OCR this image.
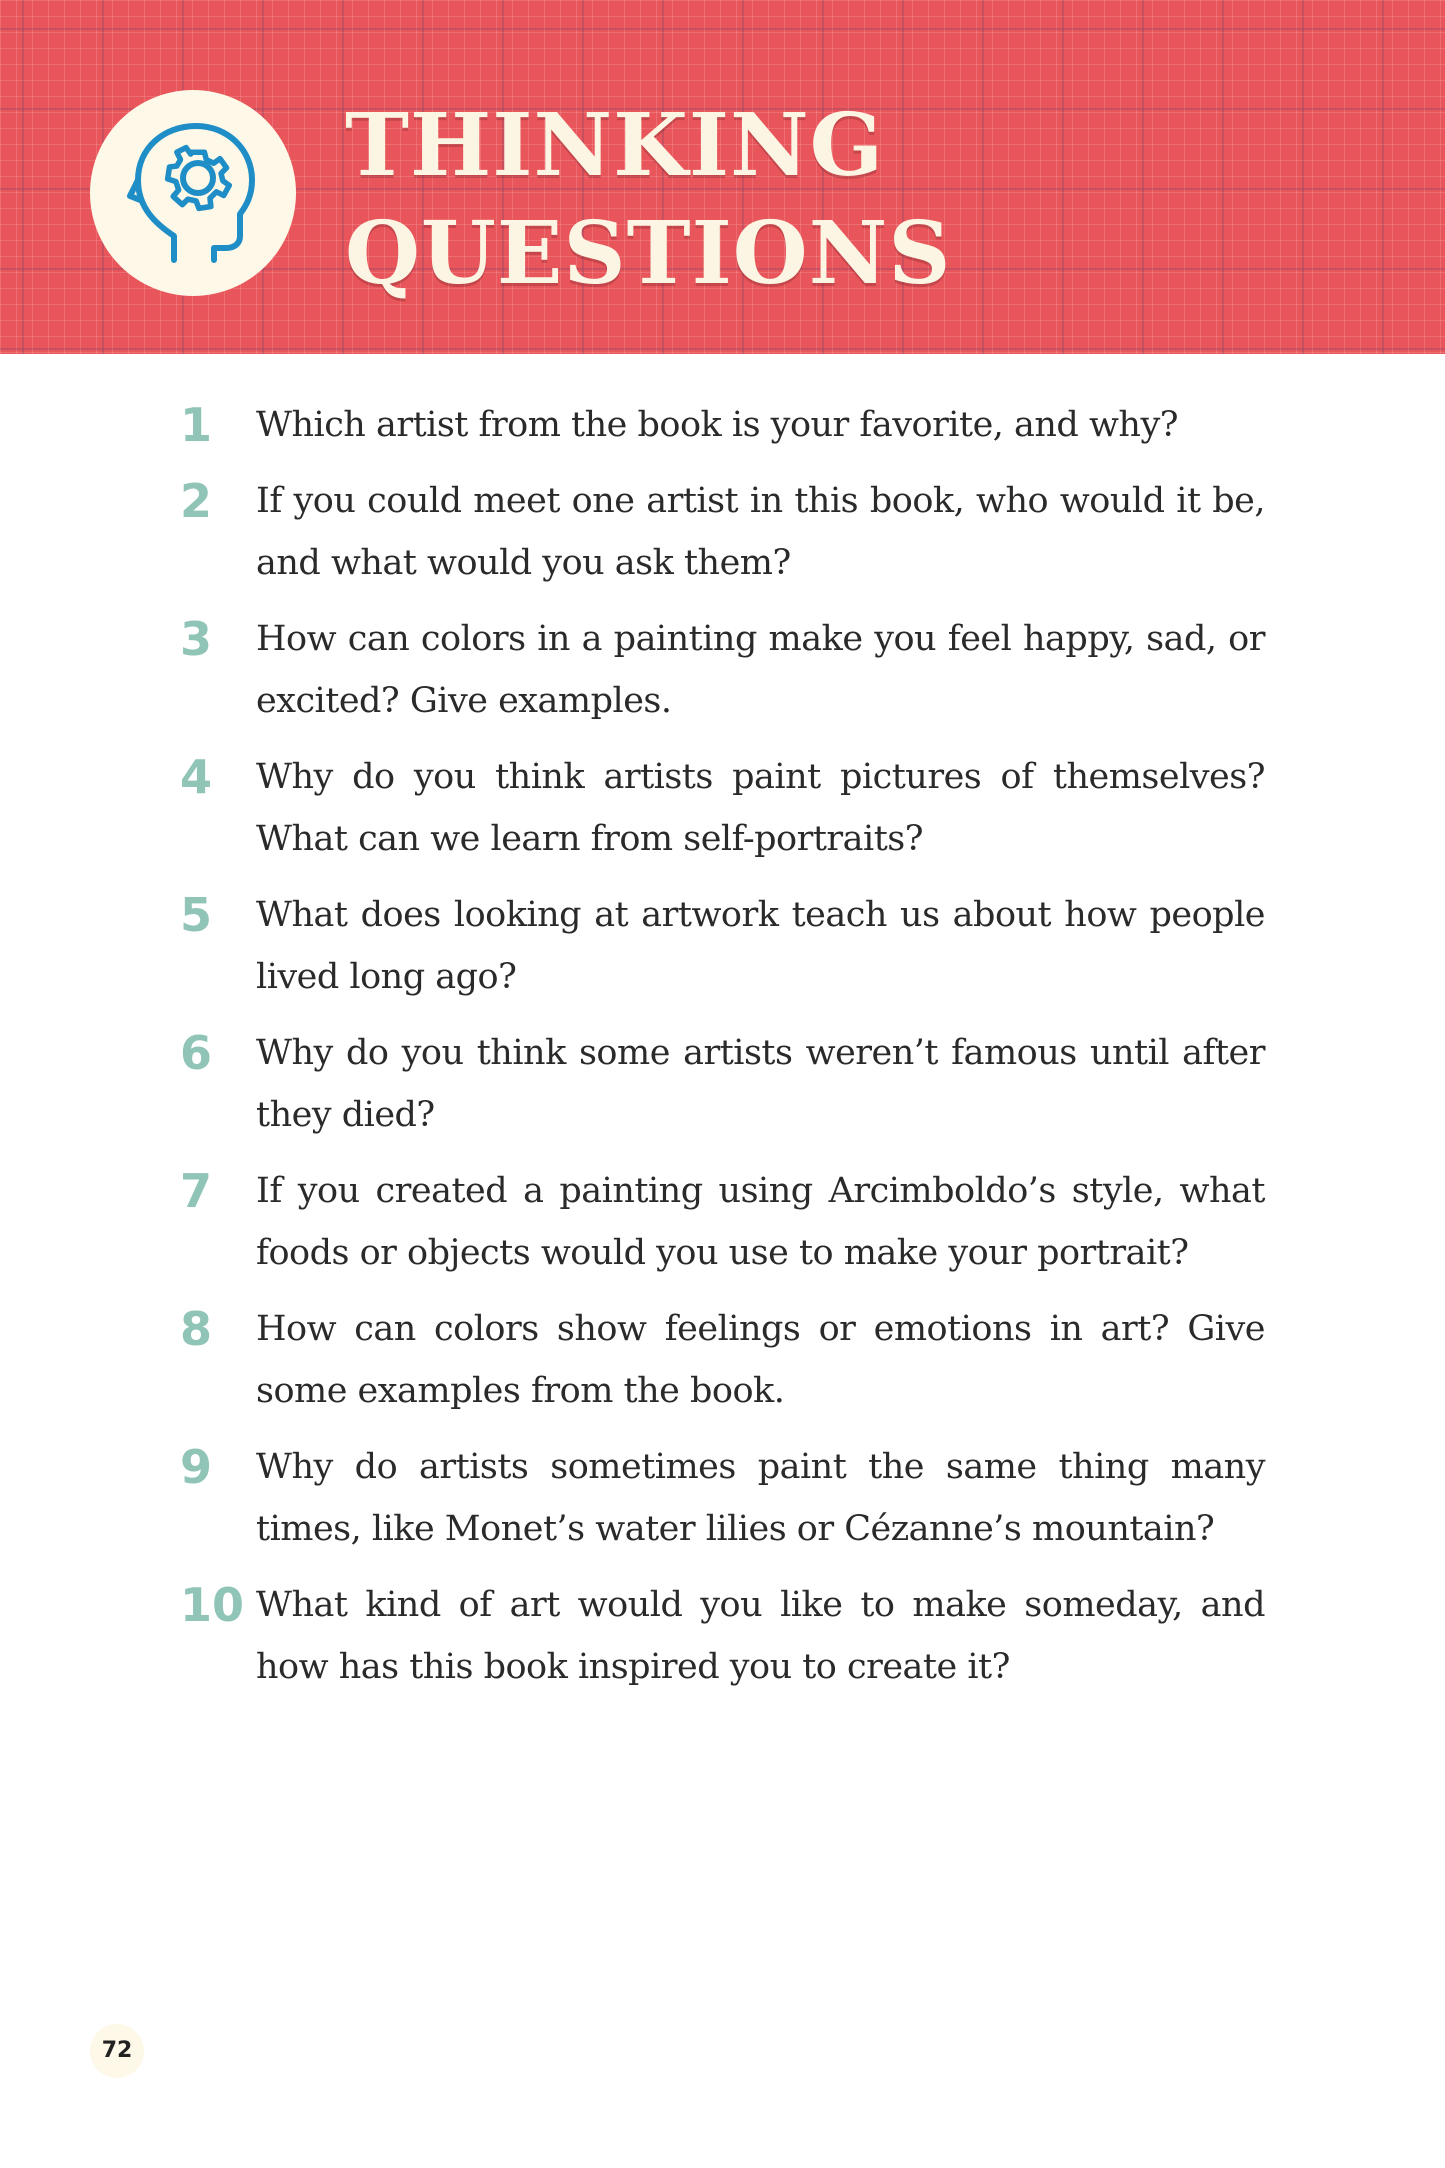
THINKING
QUESTIONS
1 Which artist from the book is your favorite, and why?
2 If you could meet one artist in this book, who would it be, and what would you ask them?
3 How can colors in a painting make you feel happy, sad, or excited? Give examples.
4 Why do you think artists paint pictures of themselves? What can we learn from self-portraits?
5 What does looking at artwork teach us about how people lived long ago?
6 Why do you think some artists weren’t famous until after they died?
7 If you created a painting using Arcimboldo’s style, what foods or objects would you use to make your portrait?
8 How can colors show feelings or emotions in art? Give some examples from the book.
9 Why do artists sometimes paint the same thing many times, like Monet’s water lilies or Cézanne’s mountain?
10 What kind of art would you like to make someday, and how has this book inspired you to create it?
72
